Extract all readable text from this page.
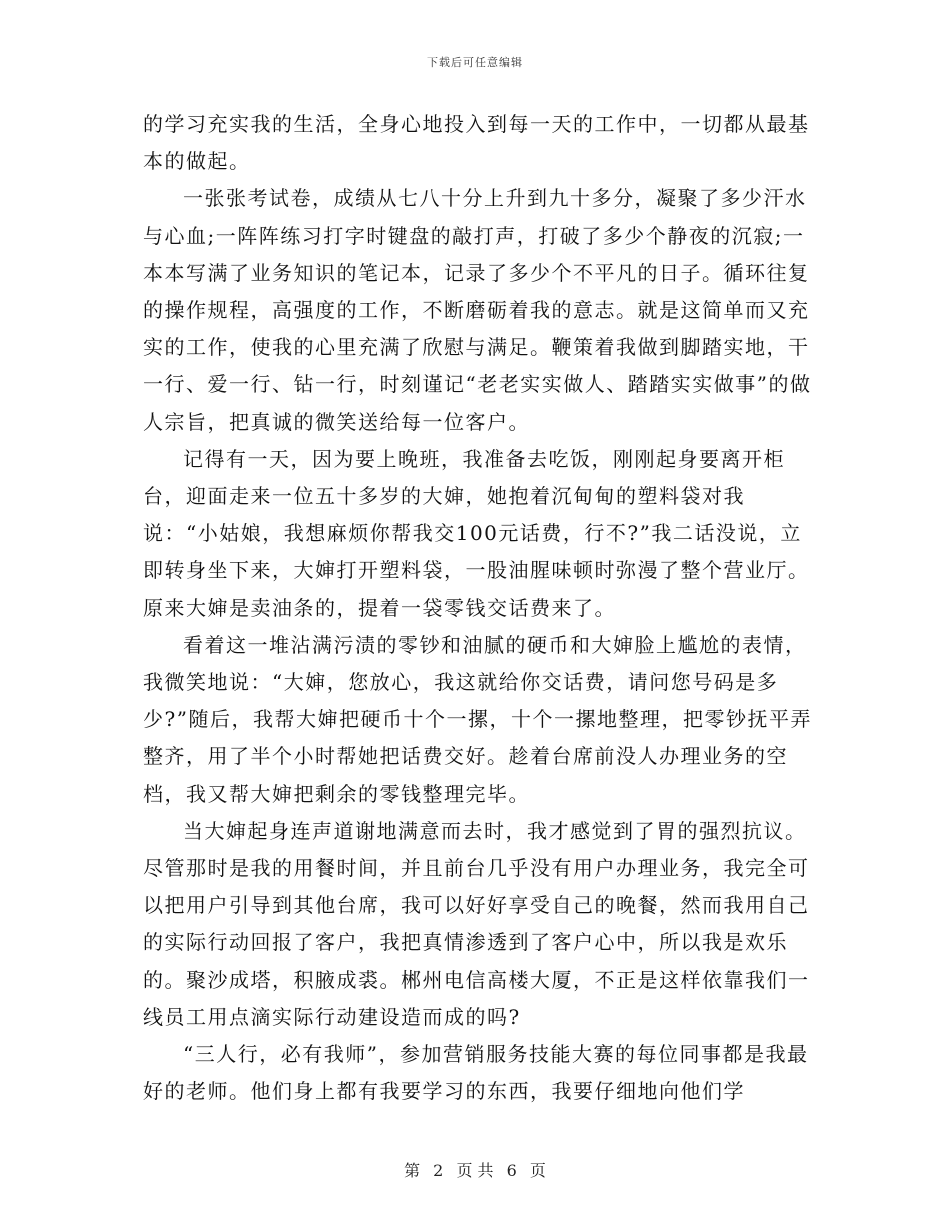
下载后可任意编辑

的学习充实我的生活，全身心地投入到每一天的工作中，一切都从最基本的做起。

一张张考试卷，成绩从七八十分上升到九十多分，凝聚了多少汗水与心血;一阵阵练习打字时键盘的敲打声，打破了多少个静夜的沉寂;一本本写满了业务知识的笔记本，记录了多少个不平凡的日子。循环往复的操作规程，高强度的工作，不断磨砺着我的意志。就是这简单而又充实的工作，使我的心里充满了欣慰与满足。鞭策着我做到脚踏实地，干一行、爱一行、钻一行，时刻谨记“老老实实做人、踏踏实实做事”的做人宗旨，把真诚的微笑送给每一位客户。

记得有一天，因为要上晚班，我准备去吃饭，刚刚起身要离开柜台，迎面走来一位五十多岁的大婶，她抱着沉甸甸的塑料袋对我说：“小姑娘，我想麻烦你帮我交100元话费，行不?”我二话没说，立即转身坐下来，大婶打开塑料袋，一股油腥味顿时弥漫了整个营业厅。原来大婶是卖油条的，提着一袋零钱交话费来了。

看着这一堆沾满污渍的零钞和油腻的硬币和大婶脸上尴尬的表情，我微笑地说：“大婶，您放心，我这就给你交话费，请问您号码是多少?”随后，我帮大婶把硬币十个一摞，十个一摞地整理，把零钞抚平弄整齐，用了半个小时帮她把话费交好。趁着台席前没人办理业务的空档，我又帮大婶把剩余的零钱整理完毕。

当大婶起身连声道谢地满意而去时，我才感觉到了胃的强烈抗议。尽管那时是我的用餐时间，并且前台几乎没有用户办理业务，我完全可以把用户引导到其他台席，我可以好好享受自己的晚餐，然而我用自己的实际行动回报了客户，我把真情渗透到了客户心中，所以我是欢乐的。聚沙成塔，积腋成裘。郴州电信高楼大厦，不正是这样依靠我们一线员工用点滴实际行动建设造而成的吗?

“三人行，必有我师”，参加营销服务技能大赛的每位同事都是我最好的老师。他们身上都有我要学习的东西，我要仔细地向他们学

第 2 页 共 6 页
